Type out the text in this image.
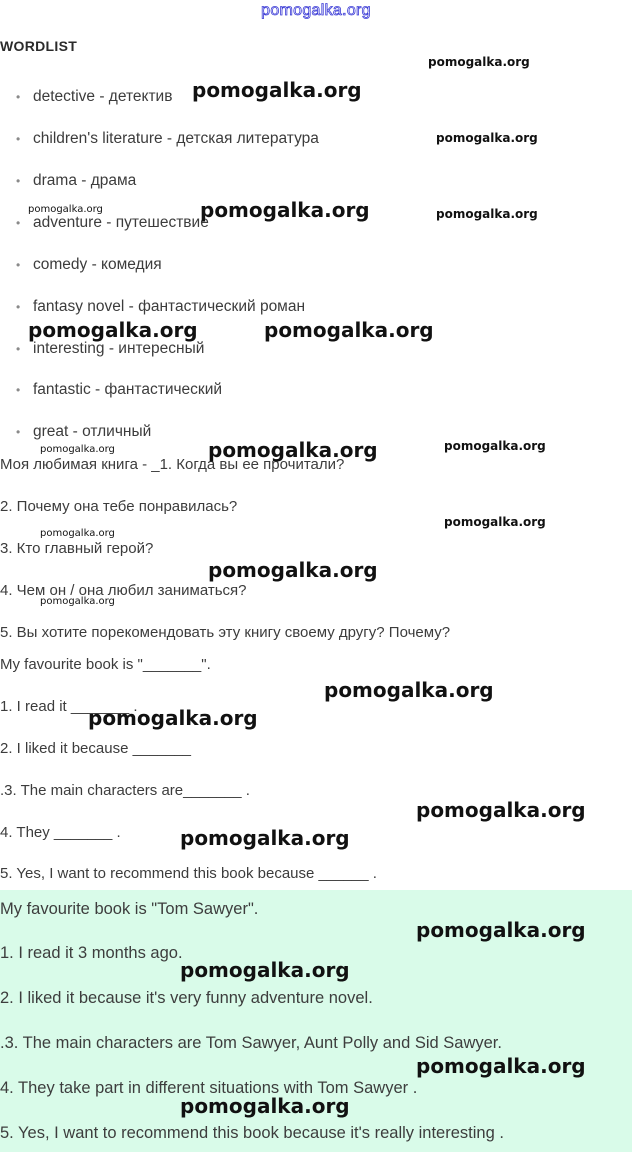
pomogalka.org
WORDLIST
• detective - детектив
• children's literature - детская литература
• drama - драма
• adventure - путешествие
• comedy - комедия
• fantasy novel - фантастический роман
• interesting - интересный
• fantastic - фантастический
• great - отличный
Моя любимая книга - _1. Когда вы ее прочитали?
2. Почему она тебе понравилась?
3. Кто главный герой?
4. Чем он / она любил заниматься?
5. Вы хотите порекомендовать эту книгу своему другу? Почему?
My favourite book is "_______".
1. I read it _______ .
2. I liked it because _______
.3. The main characters are_______ .
4. They _______ .
5. Yes, I want to recommend this book because ______ .
My favourite book is "Tom Sawyer".
1. I read it 3 months ago.
2. I liked it because it's very funny adventure novel.
.3. The main characters are Tom Sawyer, Aunt Polly and Sid Sawyer.
4. They take part in different situations with Tom Sawyer .
5. Yes, I want to recommend this book because it's really interesting .
pomogalka.org
pomogalka.org
pomogalka.org
pomogalka.org	pomogalka.org	pomogalka.org
pomogalka.org	pomogalka.org
pomogalka.org	pomogalka.org
pomogalka.org
pomogalka.org
pomogalka.org
pomogalka.org
pomogalka.org
pomogalka.org
pomogalka.org
pomogalka.org
pomogalka.org
pomogalka.org
pomogalka.org
pomogalka.org
pomogalka.org
